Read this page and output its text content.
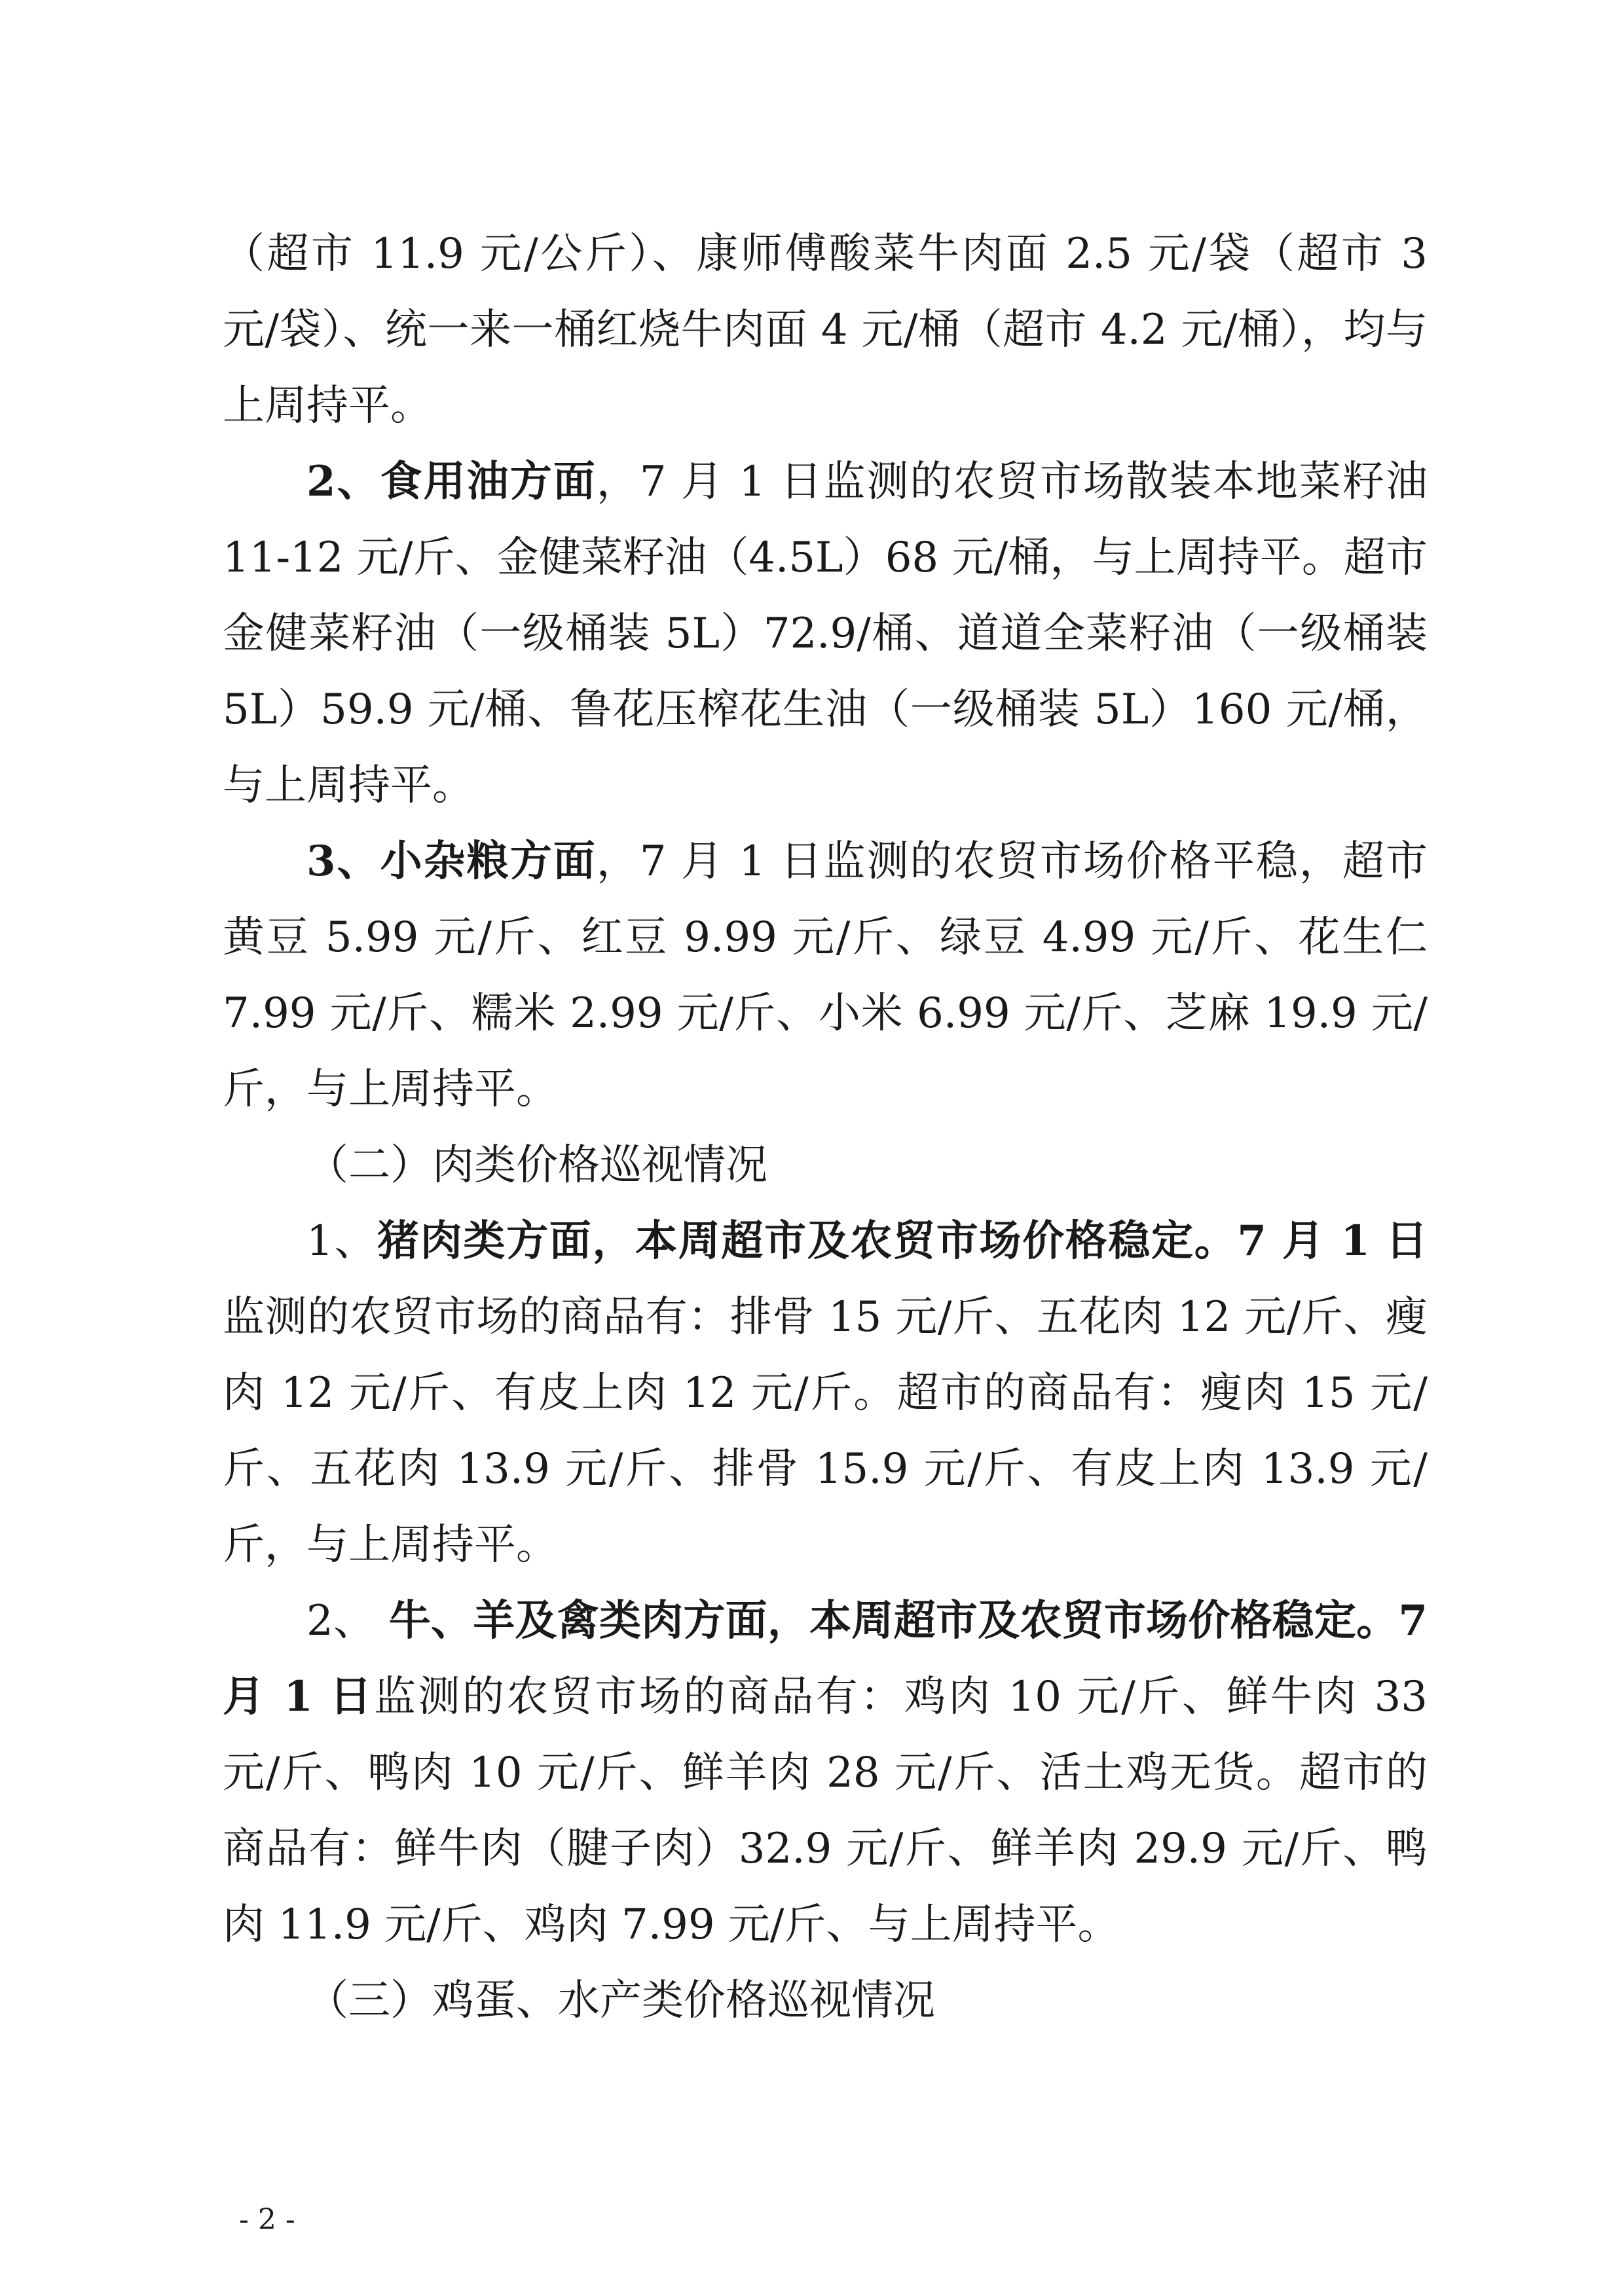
（超市 11.9 元/公斤）、康师傅酸菜牛肉面 2.5 元/袋（超市 3 元/袋）、统一来一桶红烧牛肉面 4 元/桶（超市 4.2 元/桶），均与上周持平。

2、食用油方面，7 月 1 日监测的农贸市场散装本地菜籽油 11-12 元/斤、金健菜籽油（4.5L）68 元/桶，与上周持平。超市金健菜籽油（一级桶装 5L）72.9/桶、道道全菜籽油（一级桶装 5L）59.9 元/桶、鲁花压榨花生油（一级桶装 5L）160 元/桶，与上周持平。

3、小杂粮方面，7 月 1 日监测的农贸市场价格平稳，超市黄豆 5.99 元/斤、红豆 9.99 元/斤、绿豆 4.99 元/斤、花生仁 7.99 元/斤、糯米 2.99 元/斤、小米 6.99 元/斤、芝麻 19.9 元/斤，与上周持平。

（二）肉类价格巡视情况

1、猪肉类方面，本周超市及农贸市场价格稳定。7 月 1 日监测的农贸市场的商品有：排骨 15 元/斤、五花肉 12 元/斤、瘦肉 12 元/斤、有皮上肉 12 元/斤。超市的商品有：瘦肉 15 元/斤、五花肉 13.9 元/斤、排骨 15.9 元/斤、有皮上肉 13.9 元/斤，与上周持平。

2、 牛、羊及禽类肉方面，本周超市及农贸市场价格稳定。7 月 1 日监测的农贸市场的商品有：鸡肉 10 元/斤、鲜牛肉 33 元/斤、鸭肉 10 元/斤、鲜羊肉 28 元/斤、活土鸡无货。超市的商品有：鲜牛肉（腱子肉）32.9 元/斤、鲜羊肉 29.9 元/斤、鸭肉 11.9 元/斤、鸡肉 7.99 元/斤、与上周持平。

（三）鸡蛋、水产类价格巡视情况

- 2 -
